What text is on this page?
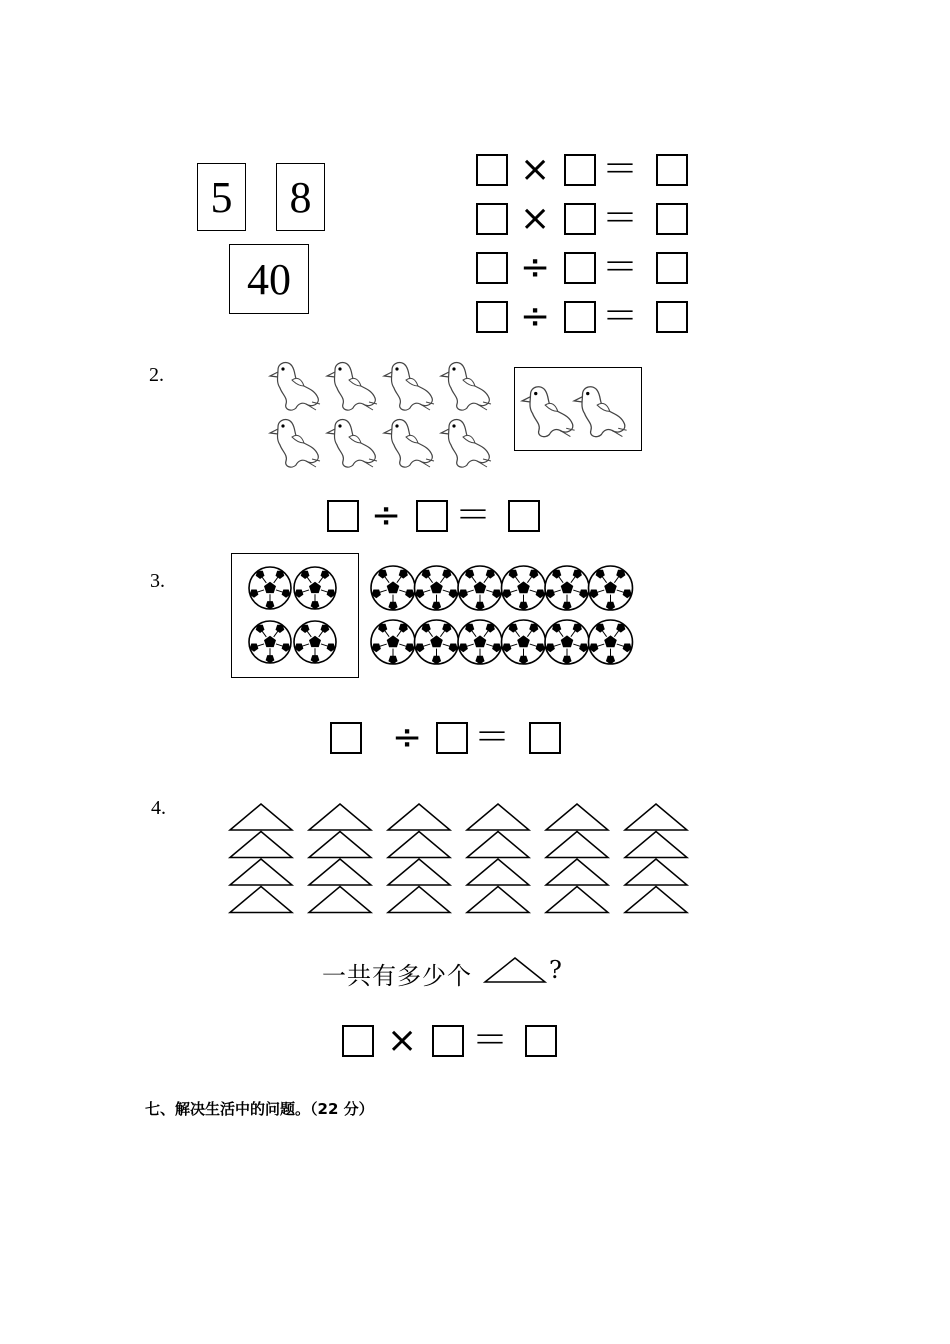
5	8
40
× ＝
× ＝
÷ ＝
÷ ＝
2.
÷ ＝
3.
÷ ＝
4.
一共有多少个	?
× ＝
七、解决生活中的问题。（22 分）
